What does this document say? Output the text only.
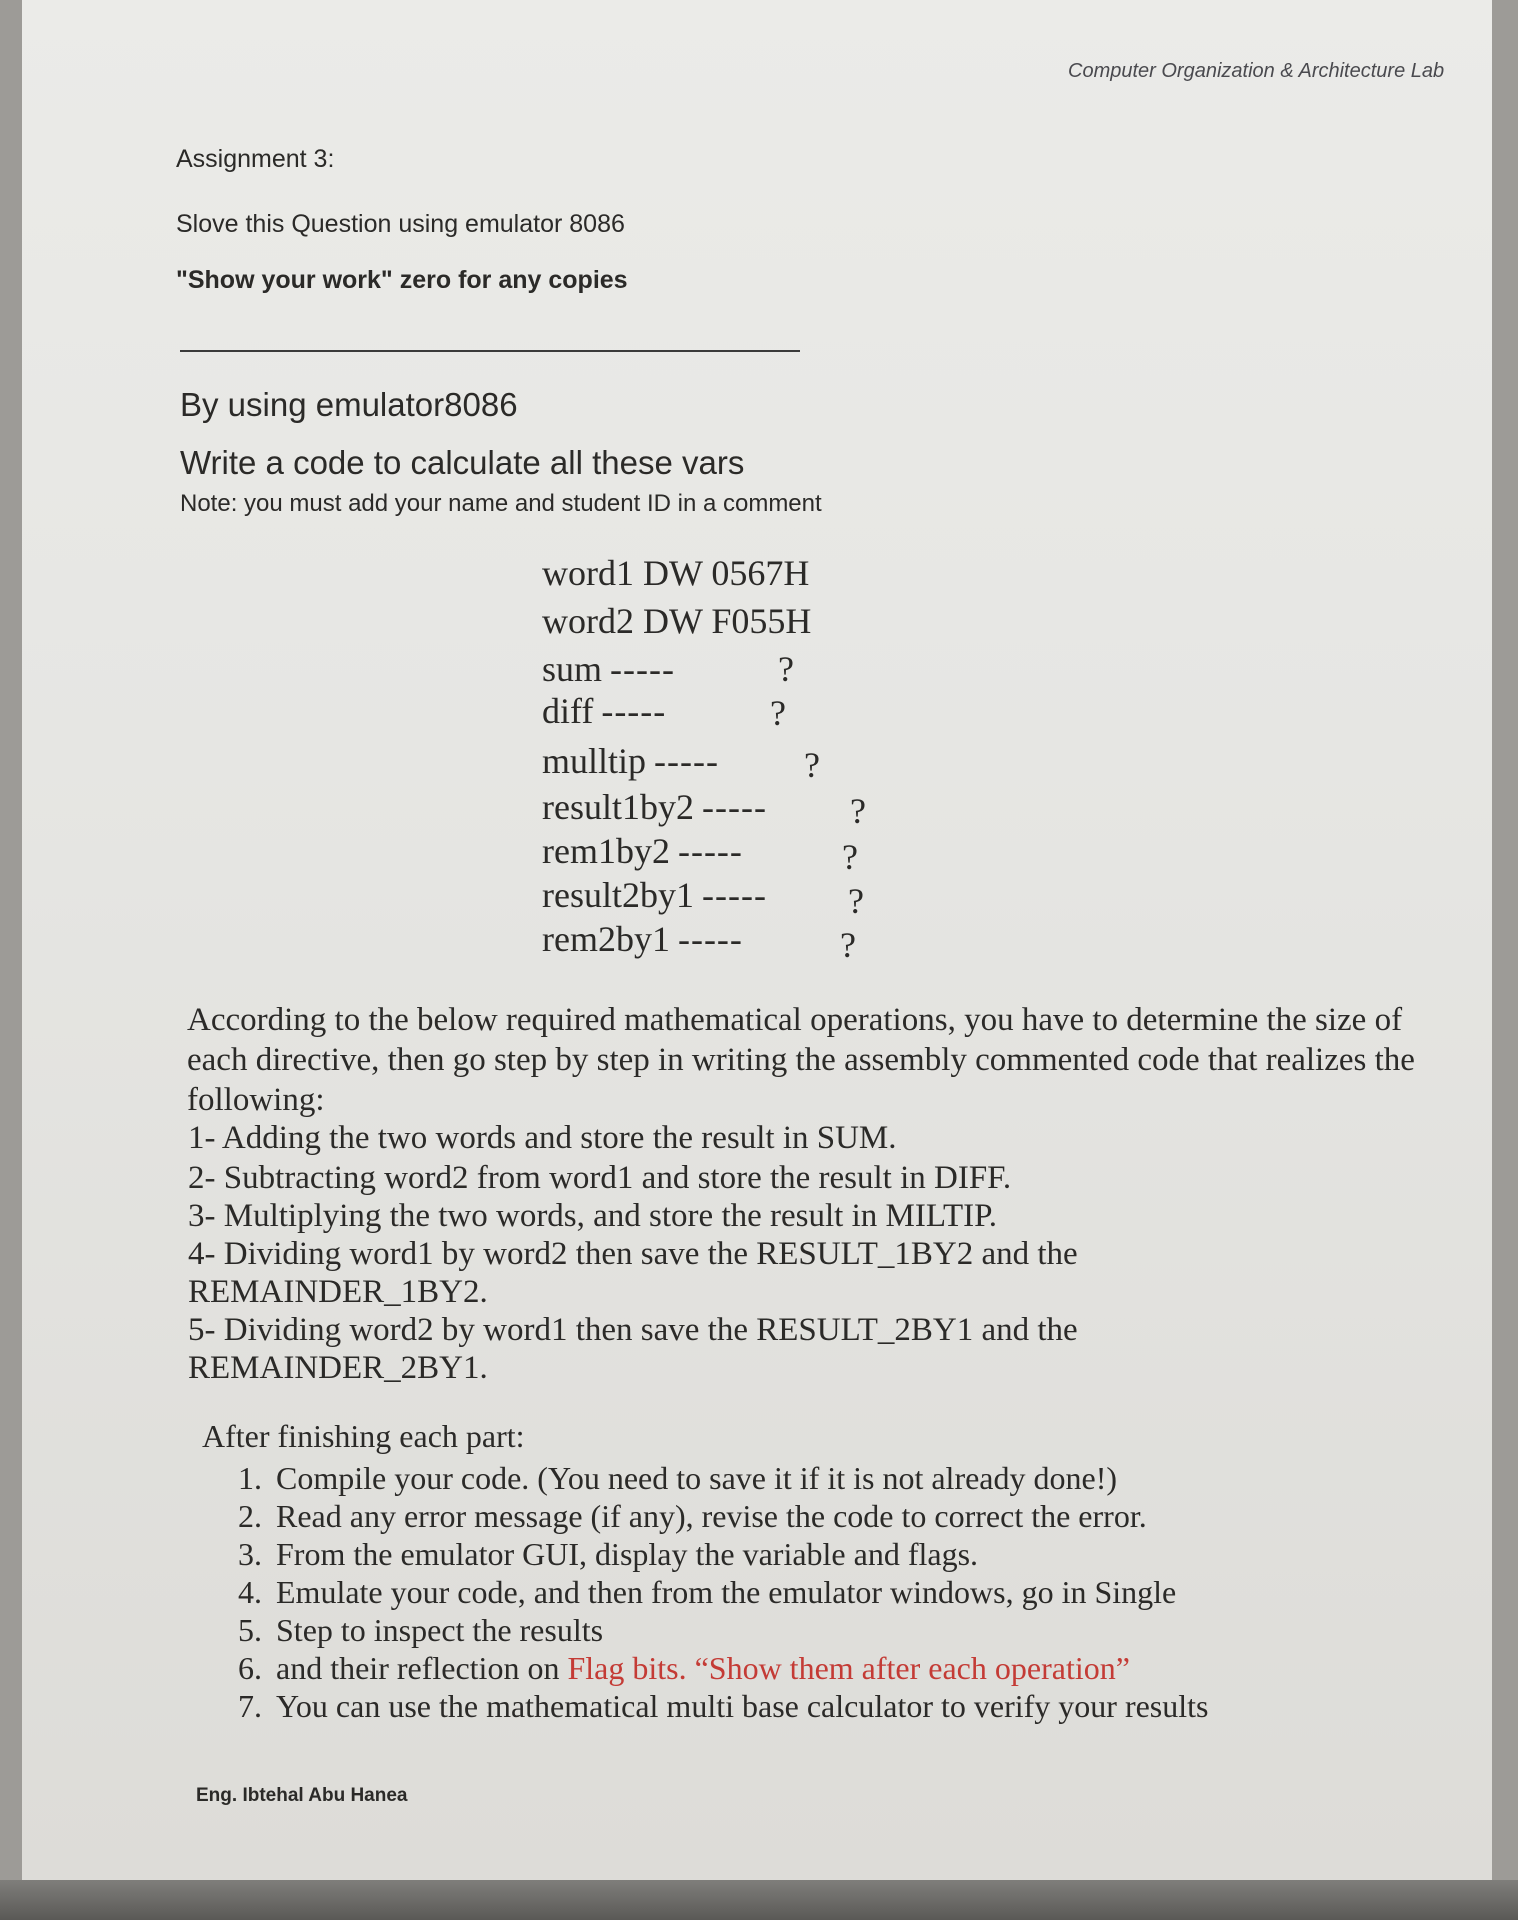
Computer Organization & Architecture Lab
Assignment 3:
Slove this Question using emulator 8086
"Show your work" zero for any copies
By using emulator8086
Write a code to calculate all these vars
Note: you must add your name and student ID in a comment
word1 DW 0567H
word2 DW F055H
sum -----	?
diff -----	?
mulltip ----- ?
result1by2 ----- ?
rem1by2 -----	?
result2by1 ----- ?
rem2by1 -----	?

According to the below required mathematical operations, you have to determine the size of each directive, then go step by step in writing the assembly commented code that realizes the following:

1- Adding the two words and store the result in SUM.
2- Subtracting word2 from word1 and store the result in DIFF.
3- Multiplying the two words, and store the result in MILTIP.
4- Dividing word1 by word2 then save the RESULT_1BY2 and the
REMAINDER_1BY2.
5- Dividing word2 by word1 then save the RESULT_2BY1 and the
REMAINDER_2BY1.
After finishing each part:
1. Compile your code. (You need to save it if it is not already done!)
2. Read any error message (if any), revise the code to correct the error.
3. From the emulator GUI, display the variable and flags.
4. Emulate your code, and then from the emulator windows, go in Single
5. Step to inspect the results
6. and their reflection on Flag bits. “Show them after each operation”
7. You can use the mathematical multi base calculator to verify your results
Eng. Ibtehal Abu Hanea
